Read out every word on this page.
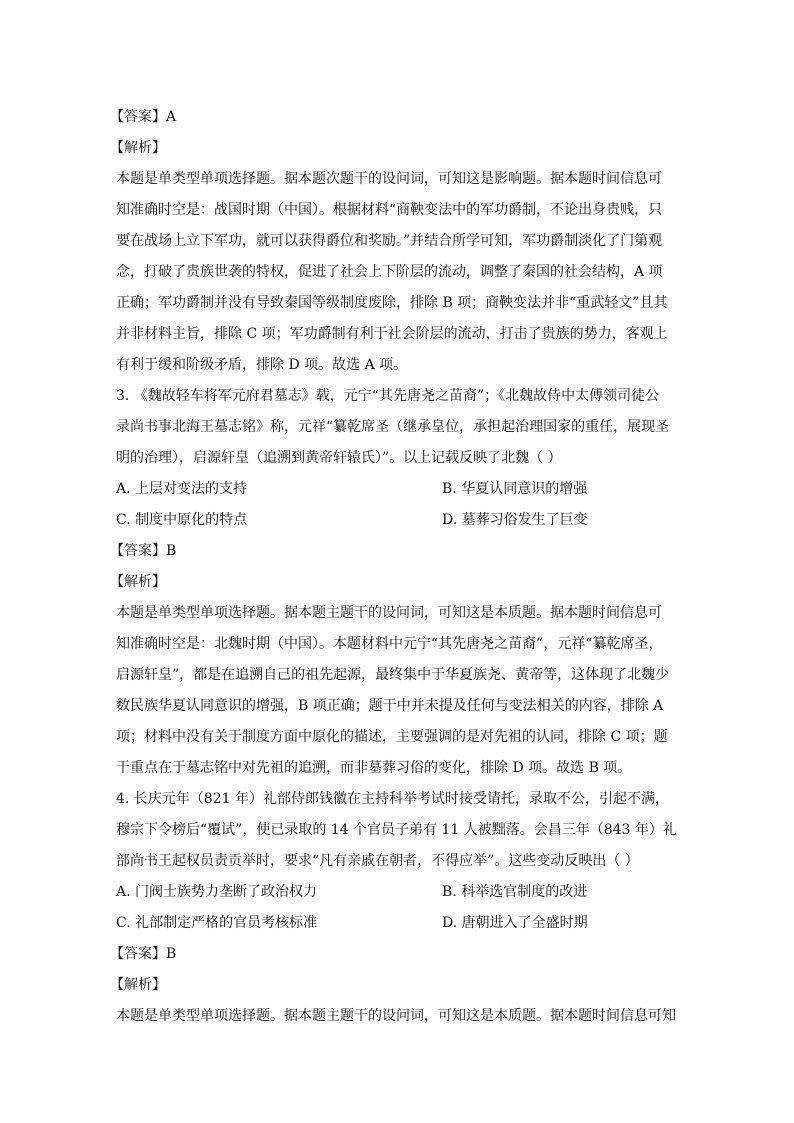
【答案】A
【解析】
本题是单类型单项选择题。据本题次题干的设问词，可知这是影响题。据本题时间信息可
知准确时空是：战国时期（中国）。根据材料“商鞅变法中的军功爵制，不论出身贵贱，只
要在战场上立下军功，就可以获得爵位和奖励。”并结合所学可知，军功爵制淡化了门第观
念，打破了贵族世袭的特权，促进了社会上下阶层的流动，调整了秦国的社会结构，A 项
正确；军功爵制并没有导致秦国等级制度废除，排除 B 项；商鞅变法并非“重武轻文”且其
并非材料主旨，排除 C 项；军功爵制有利于社会阶层的流动，打击了贵族的势力，客观上
有利于缓和阶级矛盾，排除 D 项。故选 A 项。
3. 《魏故轻车将军元府君墓志》载，元宁“其先唐尧之苗裔”；《北魏故侍中太傅领司徒公
录尚书事北海王墓志铭》称，元祥“纂乾席圣（继承皇位，承担起治理国家的重任，展现圣
明的治理），启源轩皇（追溯到黄帝轩辕氏）”。以上记载反映了北魏（ ）
A. 上层对变法的支持	B. 华夏认同意识的增强
C. 制度中原化的特点	D. 墓葬习俗发生了巨变
【答案】B
【解析】
本题是单类型单项选择题。据本题主题干的设问词，可知这是本质题。据本题时间信息可
知准确时空是：北魏时期（中国）。本题材料中元宁“其先唐尧之苗裔”，元祥“纂乾席圣，
启源轩皇”，都是在追溯自己的祖先起源，最终集中于华夏族尧、黄帝等，这体现了北魏少
数民族华夏认同意识的增强，B 项正确；题干中并未提及任何与变法相关的内容，排除 A
项；材料中没有关于制度方面中原化的描述，主要强调的是对先祖的认同，排除 C 项；题
干重点在于墓志铭中对先祖的追溯，而非墓葬习俗的变化，排除 D 项。故选 B 项。
4. 长庆元年（821 年）礼部侍郎钱徽在主持科举考试时接受请托，录取不公，引起不满，
穆宗下令榜后“覆试”，使已录取的 14 个官员子弟有 11 人被黜落。会昌三年（843 年）礼
部尚书王起权员责贡举时，要求“凡有亲戚在朝者，不得应举”。这些变动反映出（ ）
A. 门阀士族势力垄断了政治权力	B. 科举选官制度的改进
C. 礼部制定严格的官员考核标准	D. 唐朝进入了全盛时期
【答案】B
【解析】
本题是单类型单项选择题。据本题主题干的设问词，可知这是本质题。据本题时间信息可知
